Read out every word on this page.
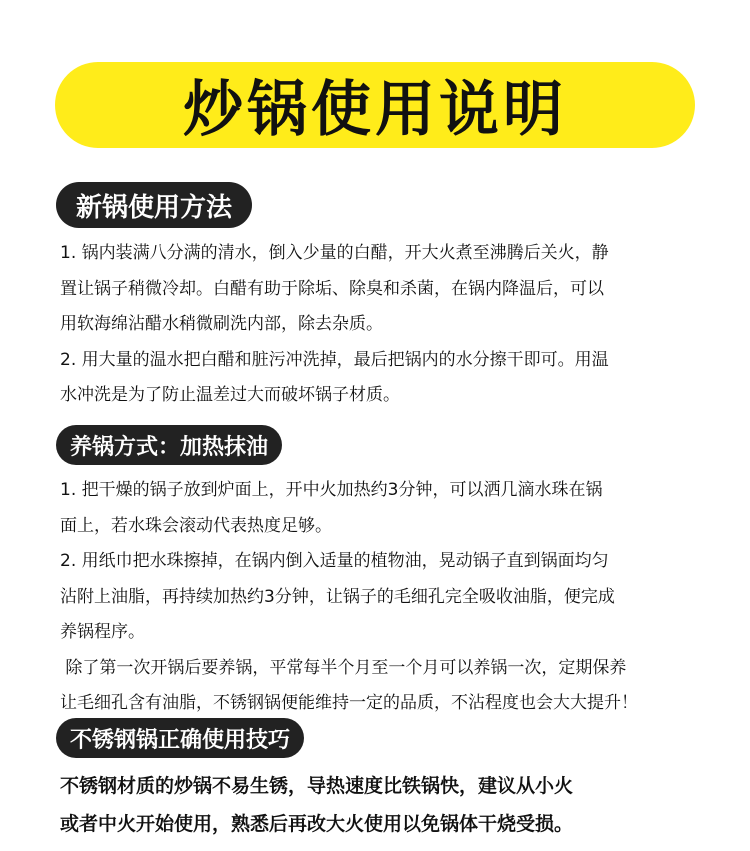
炒锅使用说明
新锅使用方法

1. 锅内装满八分满的清水，倒入少量的白醋，开大火煮至沸腾后关火，静

置让锅子稍微冷却。白醋有助于除垢、除臭和杀菌，在锅内降温后，可以

用软海绵沾醋水稍微刷洗内部，除去杂质。

2. 用大量的温水把白醋和脏污冲洗掉，最后把锅内的水分擦干即可。用温

水冲洗是为了防止温差过大而破坏锅子材质。

养锅方式：加热抹油

1. 把干燥的锅子放到炉面上，开中火加热约3分钟，可以洒几滴水珠在锅

面上，若水珠会滚动代表热度足够。

2. 用纸巾把水珠擦掉，在锅内倒入适量的植物油，晃动锅子直到锅面均匀

沾附上油脂，再持续加热约3分钟，让锅子的毛细孔完全吸收油脂，便完成

养锅程序。

除了第一次开锅后要养锅，平常每半个月至一个月可以养锅一次，定期保养

让毛细孔含有油脂，不锈钢锅便能维持一定的品质，不沾程度也会大大提升！

不锈钢锅正确使用技巧

不锈钢材质的炒锅不易生锈，导热速度比铁锅快，建议从小火

或者中火开始使用，熟悉后再改大火使用以免锅体干烧受损。
